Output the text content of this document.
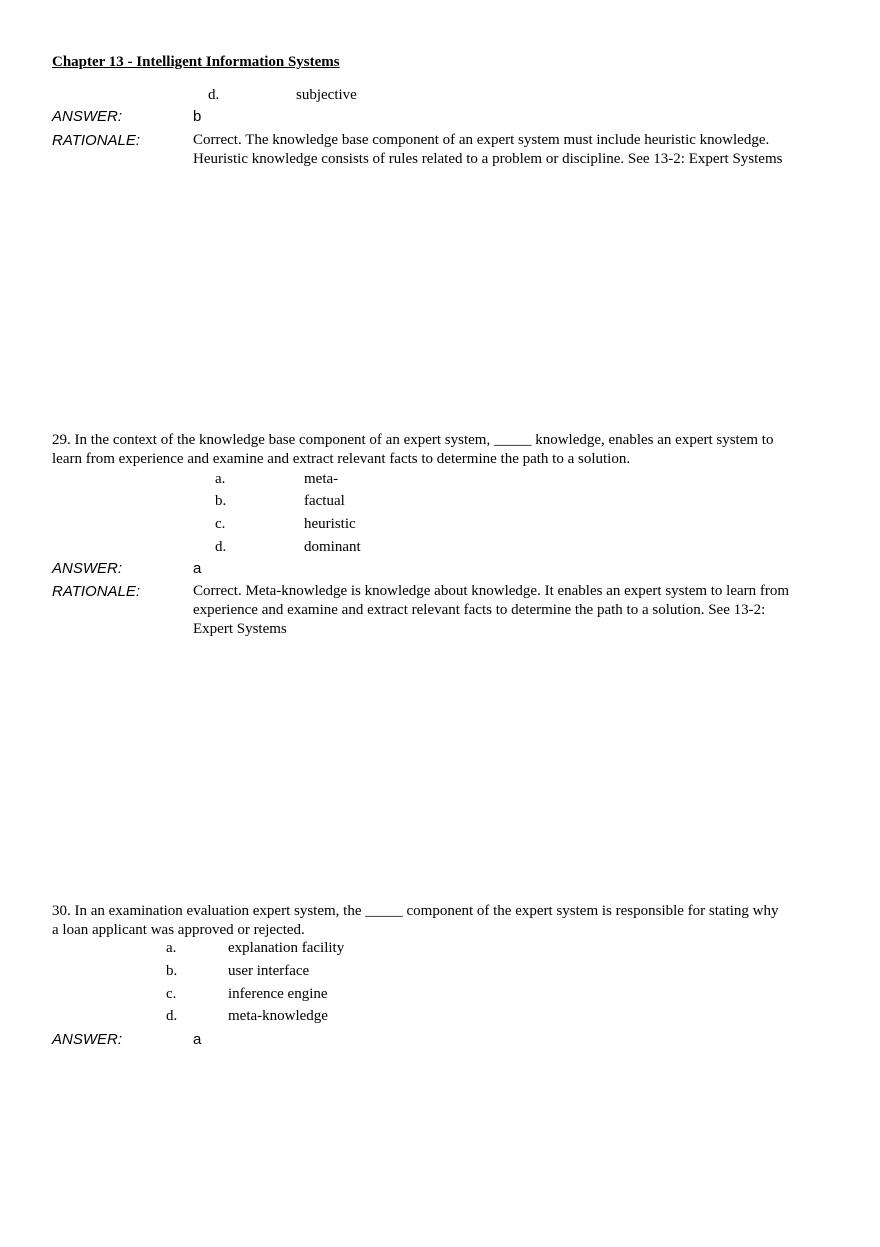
Chapter 13 - Intelligent Information Systems
d.	subjective
ANSWER:	b
RATIONALE:	Correct. The knowledge base component of an expert system must include heuristic knowledge.
Heuristic knowledge consists of rules related to a problem or discipline. See 13-2: Expert Systems
29. In the context of the knowledge base component of an expert system, _____ knowledge, enables an expert system to
learn from experience and examine and extract relevant facts to determine the path to a solution.
a.	meta-
b.	factual
c.	heuristic
d.	dominant
ANSWER:	a
RATIONALE:	Correct. Meta-knowledge is knowledge about knowledge. It enables an expert system to learn from
experience and examine and extract relevant facts to determine the path to a solution. See 13-2:
Expert Systems
30. In an examination evaluation expert system, the _____ component of the expert system is responsible for stating why
a loan applicant was approved or rejected.
a.	explanation facility
b.	user interface
c.	inference engine
d.	meta-knowledge
ANSWER:	a
